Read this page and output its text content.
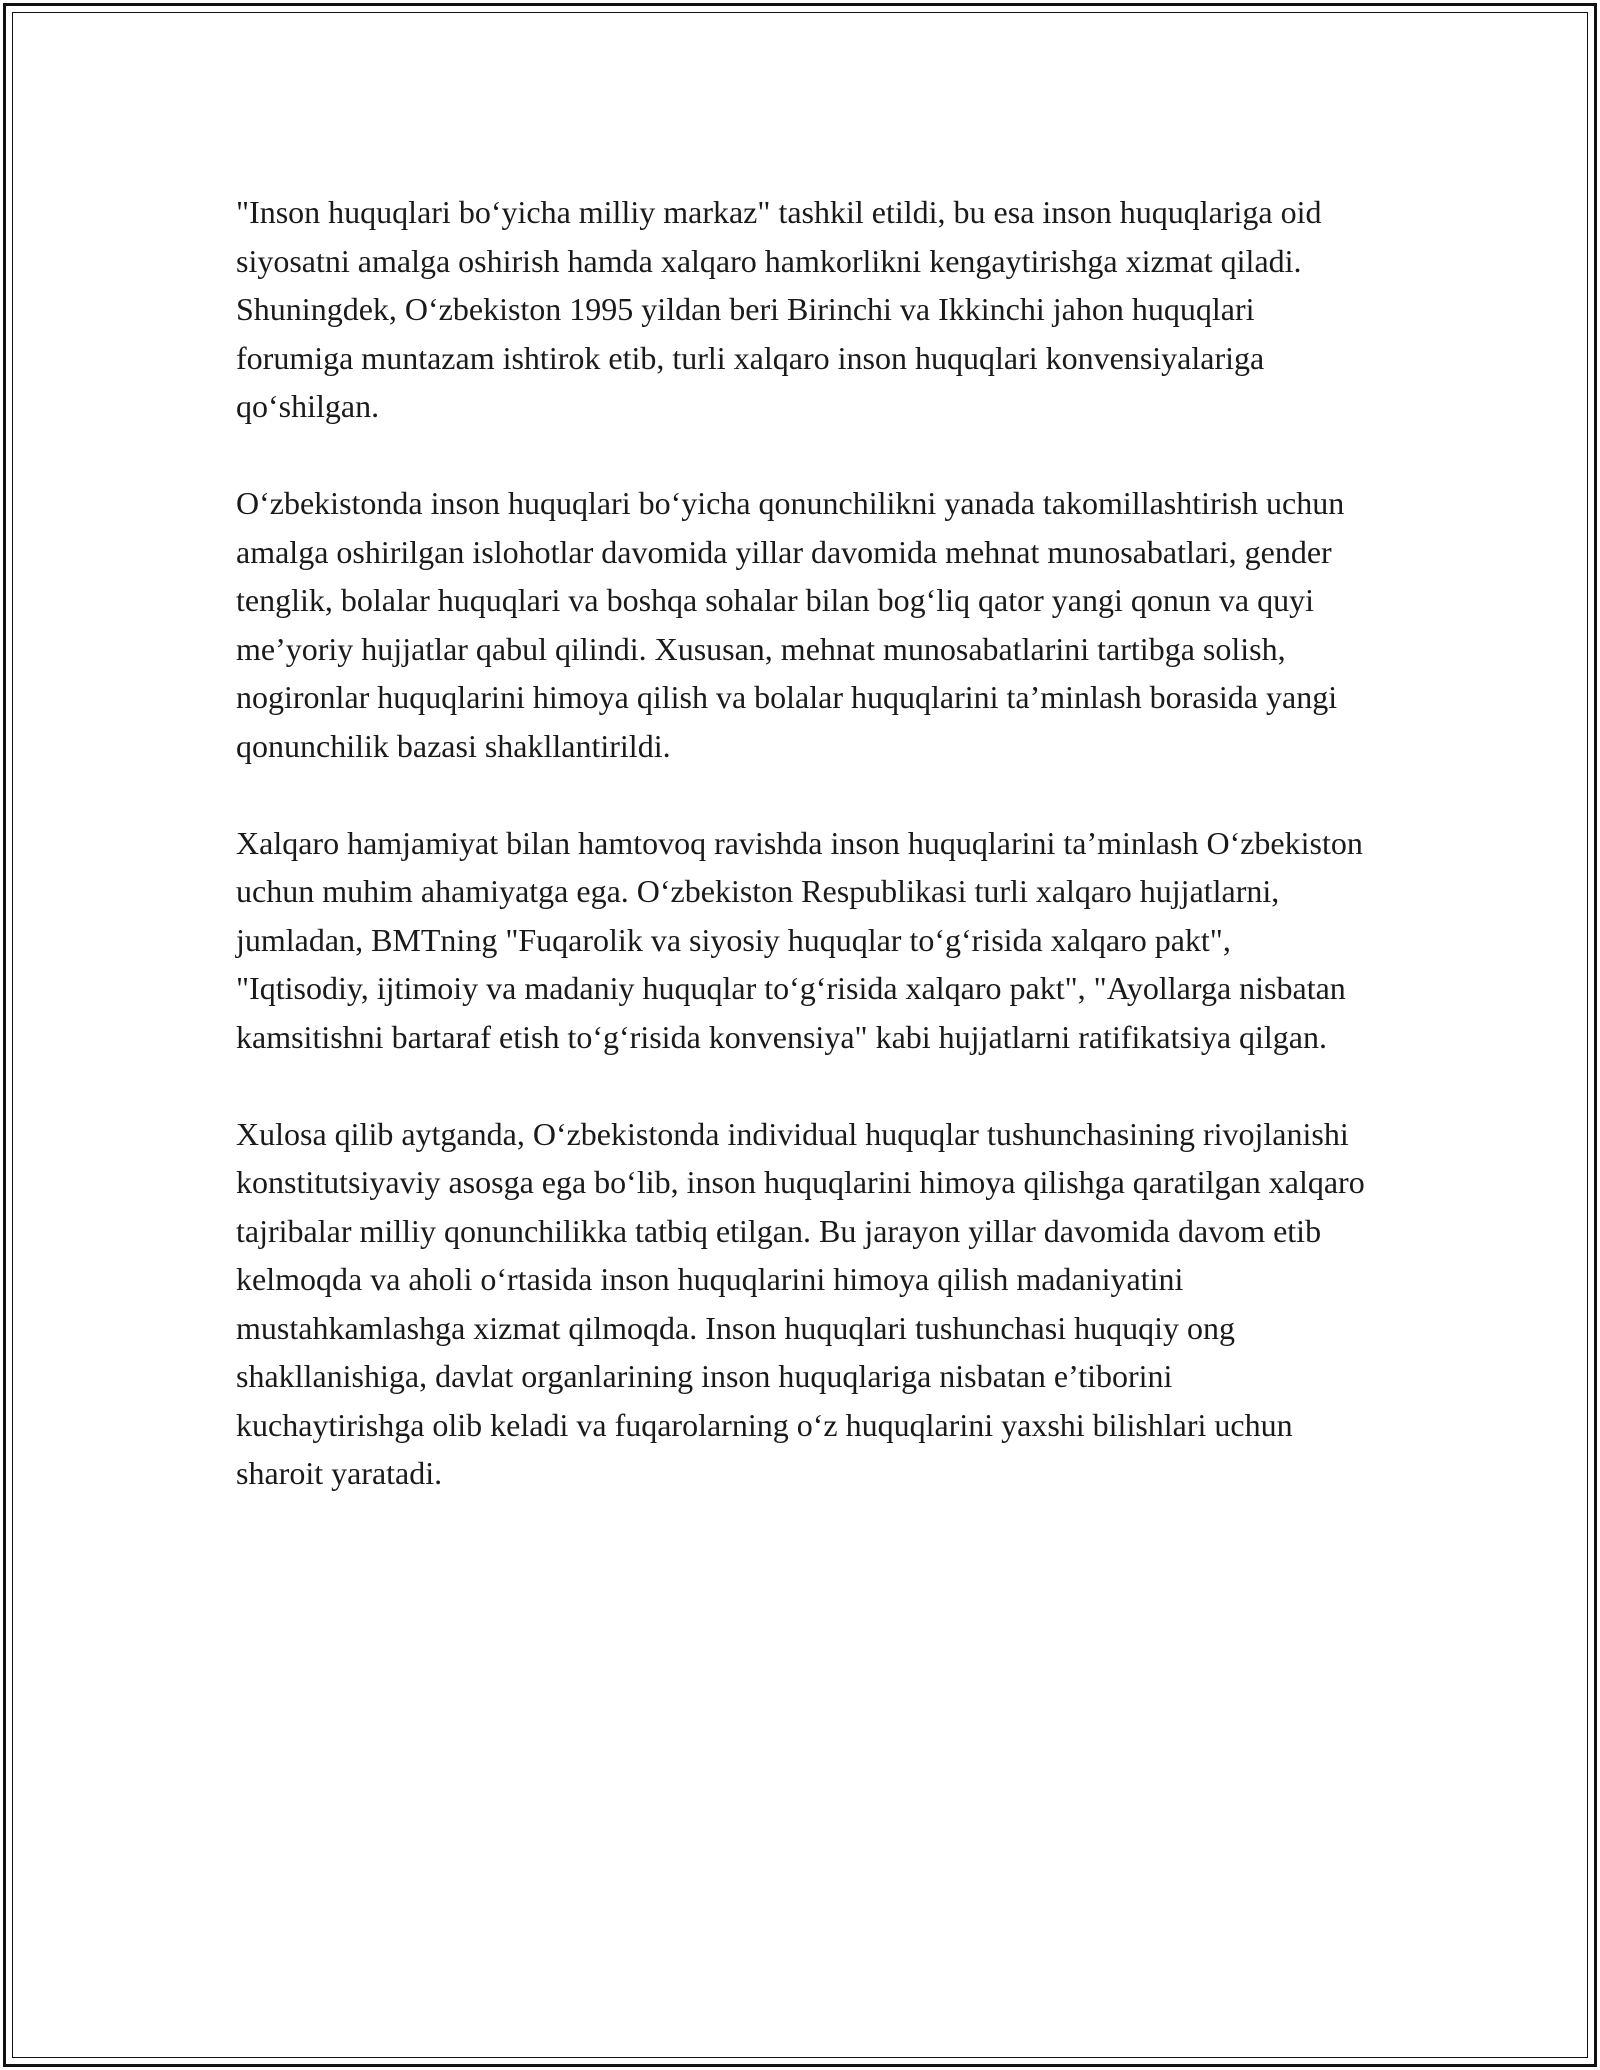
"Inson huquqlari bo‘yicha milliy markaz" tashkil etildi, bu esa inson huquqlariga oid siyosatni amalga oshirish hamda xalqaro hamkorlikni kengaytirishga xizmat qiladi. Shuningdek, O‘zbekiston 1995 yildan beri Birinchi va Ikkinchi jahon huquqlari forumiga muntazam ishtirok etib, turli xalqaro inson huquqlari konvensiyalariga qo‘shilgan.

O‘zbekistonda inson huquqlari bo‘yicha qonunchilikni yanada takomillashtirish uchun amalga oshirilgan islohotlar davomida yillar davomida mehnat munosabatlari, gender tenglik, bolalar huquqlari va boshqa sohalar bilan bog‘liq qator yangi qonun va quyi me’yoriy hujjatlar qabul qilindi. Xususan, mehnat munosabatlarini tartibga solish, nogironlar huquqlarini himoya qilish va bolalar huquqlarini ta’minlash borasida yangi qonunchilik bazasi shakllantirildi.

Xalqaro hamjamiyat bilan hamtovoq ravishda inson huquqlarini ta’minlash O‘zbekiston uchun muhim ahamiyatga ega. O‘zbekiston Respublikasi turli xalqaro hujjatlarni, jumladan, BMTning "Fuqarolik va siyosiy huquqlar to‘g‘risida xalqaro pakt", "Iqtisodiy, ijtimoiy va madaniy huquqlar to‘g‘risida xalqaro pakt", "Ayollarga nisbatan kamsitishni bartaraf etish to‘g‘risida konvensiya" kabi hujjatlarni ratifikatsiya qilgan.

Xulosa qilib aytganda, O‘zbekistonda individual huquqlar tushunchasining rivojlanishi konstitutsiyaviy asosga ega bo‘lib, inson huquqlarini himoya qilishga qaratilgan xalqaro tajribalar milliy qonunchilikka tatbiq etilgan. Bu jarayon yillar davomida davom etib kelmoqda va aholi o‘rtasida inson huquqlarini himoya qilish madaniyatini mustahkamlashga xizmat qilmoqda. Inson huquqlari tushunchasi huquqiy ong shakllanishiga, davlat organlarining inson huquqlariga nisbatan e’tiborini kuchaytirishga olib keladi va fuqarolarning o‘z huquqlarini yaxshi bilishlari uchun sharoit yaratadi.
